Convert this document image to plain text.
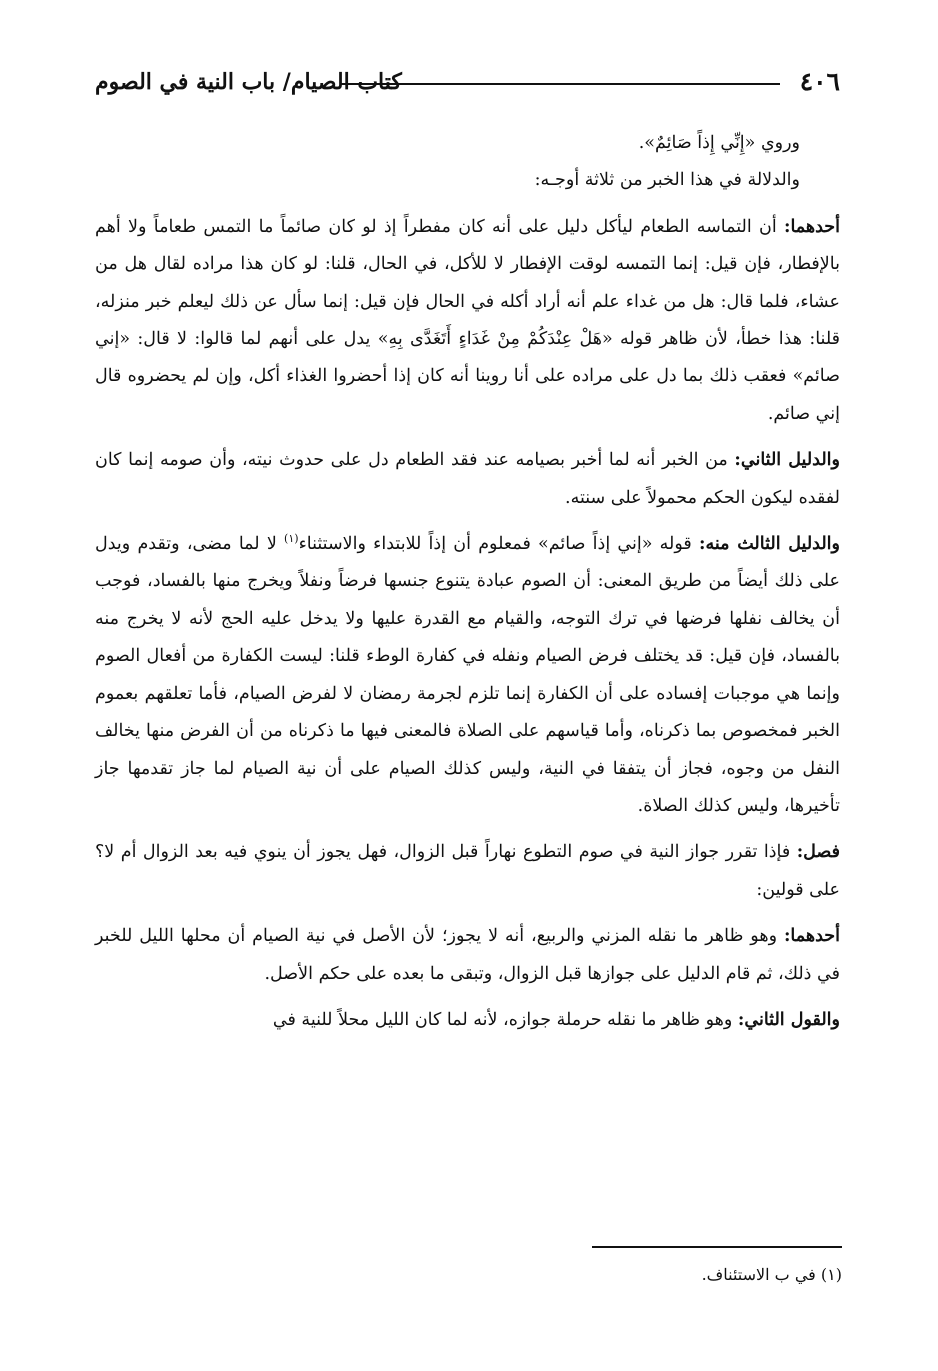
٤٠٦
كتاب الصيام/ باب النية في الصوم

وروي «إِنِّي إِذاً صَائِمٌ».

والدلالة في هذا الخبر من ثلاثة أوجـه:

أحدهما: أن التماسه الطعام ليأكل دليل على أنه كان مفطراً إذ لو كان صائماً ما التمس طعاماً ولا أهم بالإفطار، فإن قيل: إنما التمسه لوقت الإفطار لا للأكل، في الحال، قلنا: لو كان هذا مراده لقال هل من عشاء، فلما قال: هل من غداء علم أنه أراد أكله في الحال فإن قيل: إنما سأل عن ذلك ليعلم خبر منزله، قلنا: هذا خطأ، لأن ظاهر قوله «هَلْ عِنْدَكُمْ مِنْ غَدَاءٍ أَتَغَدَّى بِهِ» يدل على أنهم لما قالوا: لا قال: «إني صائم» فعقب ذلك بما دل على مراده على أنا روينا أنه كان إذا أحضروا الغذاء أكل، وإن لم يحضروه قال إني صائم.

والدليل الثاني: من الخبر أنه لما أخبر بصيامه عند فقد الطعام دل على حدوث نيته، وأن صومه إنما كان لفقده ليكون الحكم محمولاً على سنته.

والدليل الثالث منه: قوله «إني إذاً صائم» فمعلوم أن إذاً للابتداء والاستثناء$^{(١)}$ لا لما مضى، وتقدم ويدل على ذلك أيضاً من طريق المعنى: أن الصوم عبادة يتنوع جنسها فرضاً ونفلاً ويخرج منها بالفساد، فوجب أن يخالف نفلها فرضها في ترك التوجه، والقيام مع القدرة عليها ولا يدخل عليه الحج لأنه لا يخرج منه بالفساد، فإن قيل: قد يختلف فرض الصيام ونفله في كفارة الوطء قلنا: ليست الكفارة من أفعال الصوم وإنما هي موجبات إفساده على أن الكفارة إنما تلزم لجرمة رمضان لا لفرض الصيام، فأما تعلقهم بعموم الخبر فمخصوص بما ذكرناه، وأما قياسهم على الصلاة فالمعنى فيها ما ذكرناه من أن الفرض منها يخالف النفل من وجوه، فجاز أن يتفقا في النية، وليس كذلك الصيام على أن نية الصيام لما جاز تقدمها جاز تأخيرها، وليس كذلك الصلاة.

فصل: فإذا تقرر جواز النية في صوم التطوع نهاراً قبل الزوال، فهل يجوز أن ينوي فيه بعد الزوال أم لا؟ على قولين:

أحدهما: وهو ظاهر ما نقله المزني والربيع، أنه لا يجوز؛ لأن الأصل في نية الصيام أن محلها الليل للخبر في ذلك، ثم قام الدليل على جوازها قبل الزوال، وتبقى ما بعده على حكم الأصل.

والقول الثاني: وهو ظاهر ما نقله حرملة جوازه، لأنه لما كان الليل محلاً للنية في

(١) في ب الاستئناف.
